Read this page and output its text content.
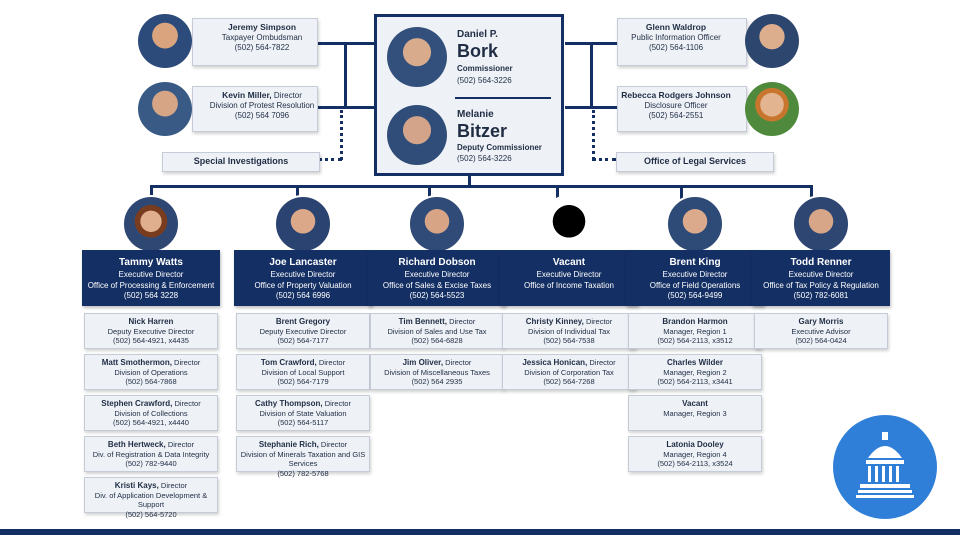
Jeremy Simpson
Taxpayer Ombudsman
(502) 564-7822
Kevin Miller, Director
Division of Protest Resolution
(502) 564 7096
Special Investigations
Daniel P.
Bork
Commissioner
(502) 564-3226
Melanie
Bitzer
Deputy Commissioner
(502) 564-3226
Glenn Waldrop
Public Information Officer
(502) 564-1106
Rebecca Rodgers Johnson
Disclosure Officer
(502) 564-2551
Office of Legal Services
Tammy Watts
Executive Director
Office of Processing & Enforcement
(502) 564 3228
Nick Harren
Deputy Executive Director
(502) 564-4921, x4435
Matt Smothermon, Director
Division of Operations
(502) 564-7868
Stephen Crawford, Director
Division of Collections
(502) 564-4921, x4440
Beth Hertweck, Director
Div. of Registration & Data Integrity
(502) 782-9440
Kristi Kays, Director
Div. of Application Development & Support
(502) 564-5720
Joe Lancaster
Executive Director
Office of Property Valuation
(502) 564 6996
Brent Gregory
Deputy Executive Director
(502) 564-7177
Tom Crawford, Director
Division of Local Support
(502) 564-7179
Cathy Thompson, Director
Division of State Valuation
(502) 564-5117
Stephanie Rich, Director
Division of Minerals Taxation and GIS Services
(502) 782-5768
Richard Dobson
Executive Director
Office of Sales & Excise Taxes
(502) 564-5523
Tim Bennett, Director
Division of Sales and Use Tax
(502) 564-6828
Jim Oliver, Director
Division of Miscellaneous Taxes
(502) 564 2935
Vacant
Executive Director
Office of Income Taxation
Christy Kinney, Director
Division of Individual Tax
(502) 564-7538
Jessica Honican, Director
Division of Corporation Tax
(502) 564-7268
Brent King
Executive Director
Office of Field Operations
(502) 564-9499
Brandon Harmon
Manager, Region 1
(502) 564-2113, x3512
Charles Wilder
Manager, Region 2
(502) 564-2113, x3441
Vacant
Manager, Region 3
Latonia Dooley
Manager, Region 4
(502) 564-2113, x3524
Todd Renner
Executive Director
Office of Tax Policy & Regulation
(502) 782-6081
Gary Morris
Executive Advisor
(502) 564-0424
